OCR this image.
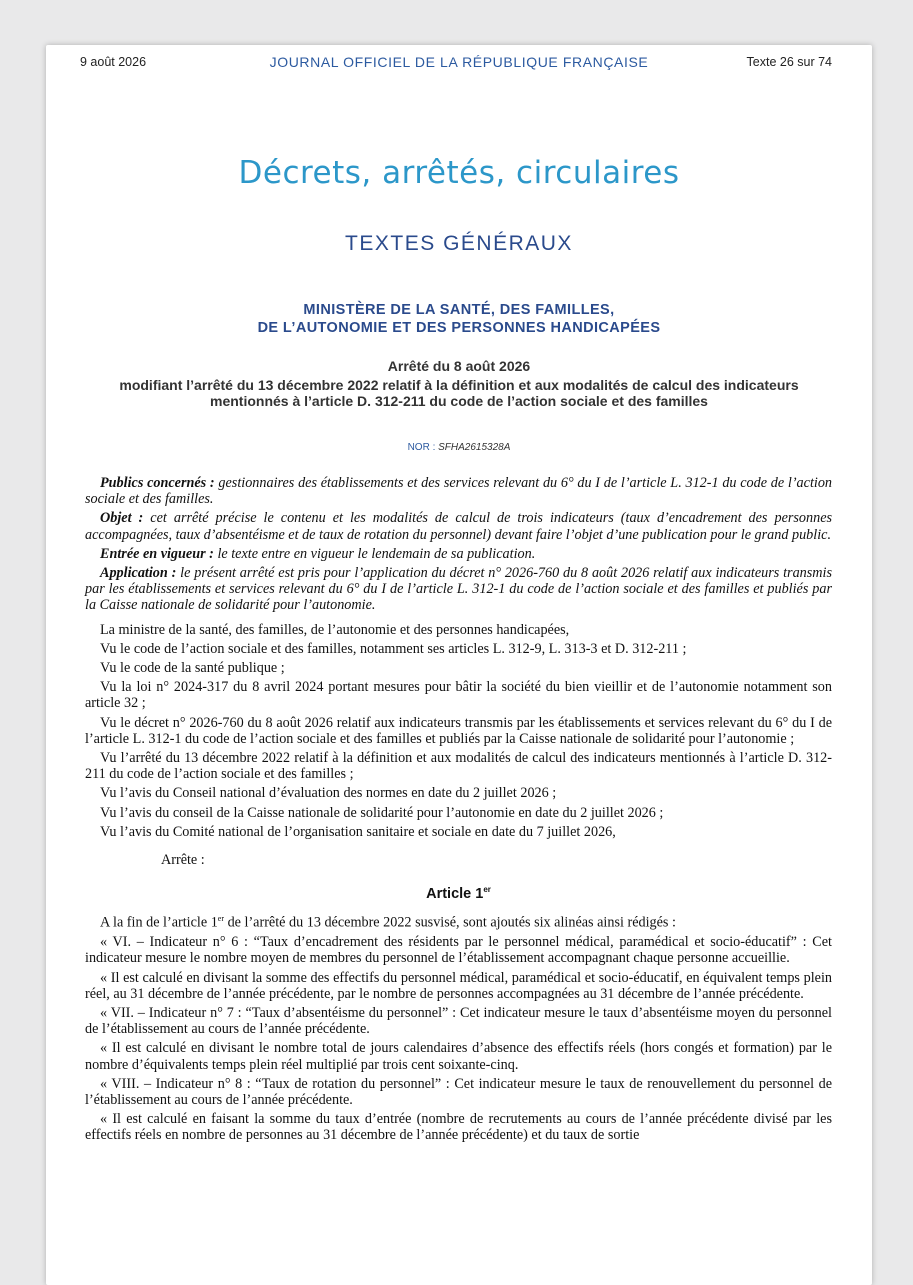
9 août 2026	JOURNAL OFFICIEL DE LA RÉPUBLIQUE FRANÇAISE	Texte 26 sur 74
Décrets, arrêtés, circulaires
TEXTES GÉNÉRAUX
MINISTÈRE DE LA SANTÉ, DES FAMILLES,
DE L’AUTONOMIE ET DES PERSONNES HANDICAPÉES
Arrêté du 8 août 2026
modifiant l’arrêté du 13 décembre 2022 relatif à la définition et aux modalités de calcul des indicateurs mentionnés à l’article D. 312-211 du code de l’action sociale et des familles
NOR : SFHA2615328A

Publics concernés : gestionnaires des établissements et des services relevant du 6° du I de l’article L. 312-1 du code de l’action sociale et des familles.

Objet : cet arrêté précise le contenu et les modalités de calcul de trois indicateurs (taux d’encadrement des personnes accompagnées, taux d’absentéisme et de taux de rotation du personnel) devant faire l’objet d’une publication pour le grand public.

Entrée en vigueur : le texte entre en vigueur le lendemain de sa publication.

Application : le présent arrêté est pris pour l’application du décret n° 2026-760 du 8 août 2026 relatif aux indicateurs transmis par les établissements et services relevant du 6° du I de l’article L. 312-1 du code de l’action sociale et des familles et publiés par la Caisse nationale de solidarité pour l’autonomie.

La ministre de la santé, des familles, de l’autonomie et des personnes handicapées,

Vu le code de l’action sociale et des familles, notamment ses articles L. 312-9, L. 313-3 et D. 312-211 ;

Vu le code de la santé publique ;

Vu la loi n° 2024-317 du 8 avril 2024 portant mesures pour bâtir la société du bien vieillir et de l’autonomie notamment son article 32 ;

Vu le décret n° 2026-760 du 8 août 2026 relatif aux indicateurs transmis par les établissements et services relevant du 6° du I de l’article L. 312-1 du code de l’action sociale et des familles et publiés par la Caisse nationale de solidarité pour l’autonomie ;

Vu l’arrêté du 13 décembre 2022 relatif à la définition et aux modalités de calcul des indicateurs mentionnés à l’article D. 312-211 du code de l’action sociale et des familles ;

Vu l’avis du Conseil national d’évaluation des normes en date du 2 juillet 2026 ;

Vu l’avis du conseil de la Caisse nationale de solidarité pour l’autonomie en date du 2 juillet 2026 ;

Vu l’avis du Comité national de l’organisation sanitaire et sociale en date du 7 juillet 2026,

Arrête :
Article 1er

A la fin de l’article 1er de l’arrêté du 13 décembre 2022 susvisé, sont ajoutés six alinéas ainsi rédigés :

« VI. – Indicateur n° 6 : “Taux d’encadrement des résidents par le personnel médical, paramédical et socio-éducatif” : Cet indicateur mesure le nombre moyen de membres du personnel de l’établissement accompagnant chaque personne accueillie.

« Il est calculé en divisant la somme des effectifs du personnel médical, paramédical et socio-éducatif, en équivalent temps plein réel, au 31 décembre de l’année précédente, par le nombre de personnes accompagnées au 31 décembre de l’année précédente.

« VII. – Indicateur n° 7 : “Taux d’absentéisme du personnel” : Cet indicateur mesure le taux d’absentéisme moyen du personnel de l’établissement au cours de l’année précédente.

« Il est calculé en divisant le nombre total de jours calendaires d’absence des effectifs réels (hors congés et formation) par le nombre d’équivalents temps plein réel multiplié par trois cent soixante-cinq.

« VIII. – Indicateur n° 8 : “Taux de rotation du personnel” : Cet indicateur mesure le taux de renouvellement du personnel de l’établissement au cours de l’année précédente.

« Il est calculé en faisant la somme du taux d’entrée (nombre de recrutements au cours de l’année précédente divisé par les effectifs réels en nombre de personnes au 31 décembre de l’année précédente) et du taux de sortie
